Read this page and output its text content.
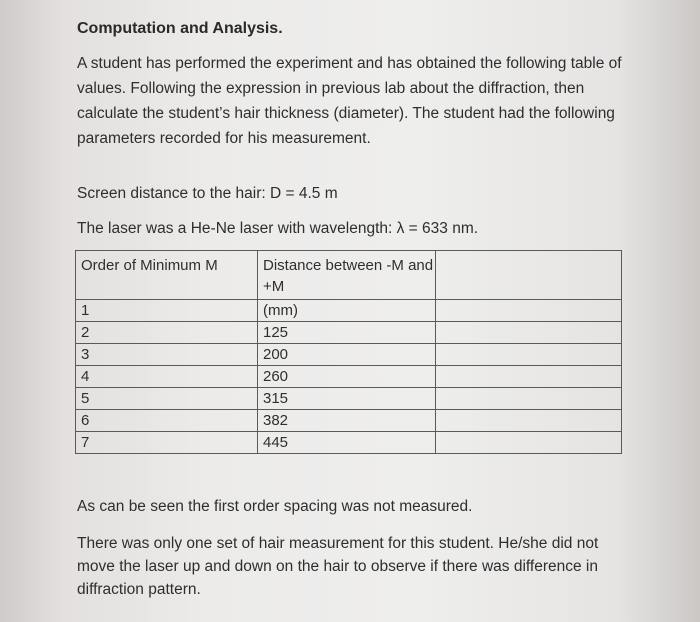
Computation and Analysis.
A student has performed the experiment and has obtained the following table of values. Following the expression in previous lab about the diffraction, then calculate the student’s hair thickness (diameter). The student had the following parameters recorded for his measurement.
Screen distance to the hair: D = 4.5 m
The laser was a He-Ne laser with wavelength: λ = 633 nm.
Order of Minimum M	Distance between -M and +M	
1	(mm)	
2	125	
3	200	
4	260	
5	315	
6	382	
7	445	
As can be seen the first order spacing was not measured.
There was only one set of hair measurement for this student. He/she did not move the laser up and down on the hair to observe if there was difference in diffraction pattern.
